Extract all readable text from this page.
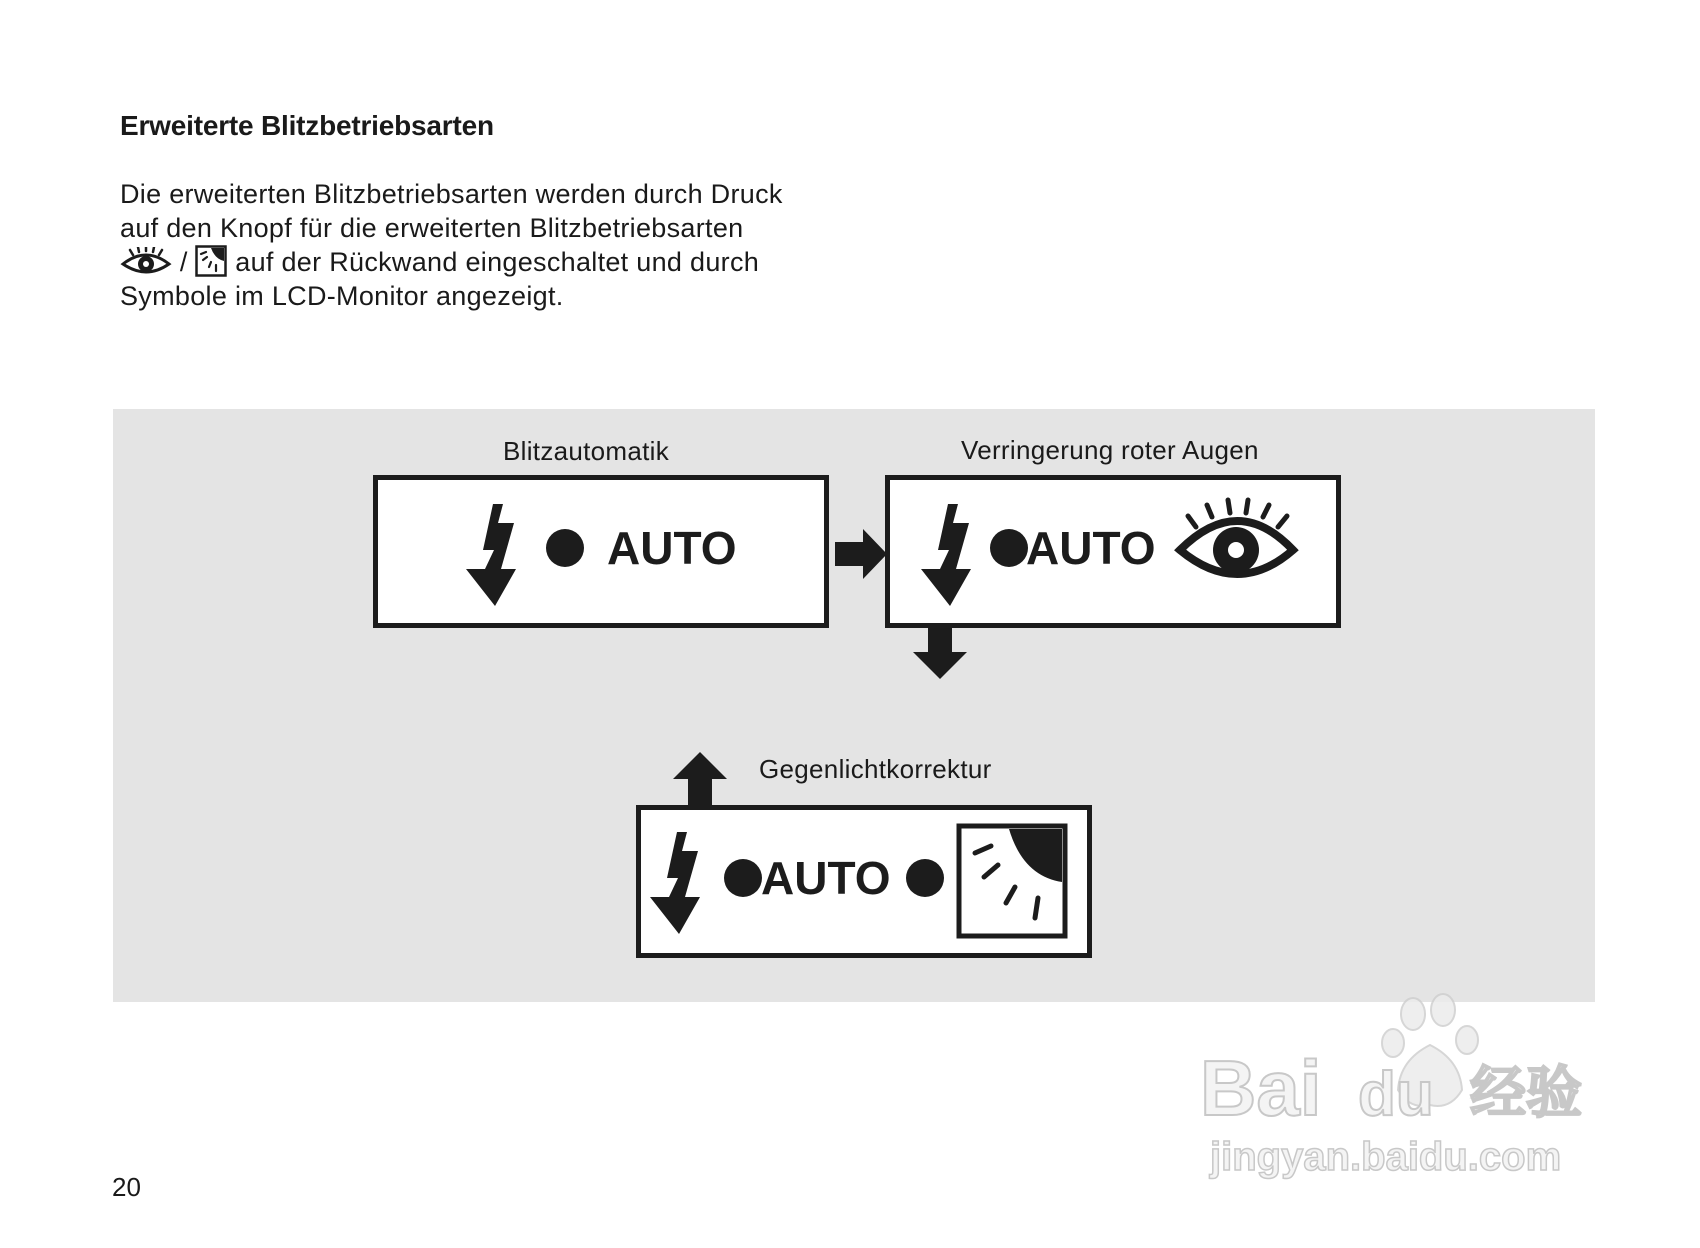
Erweiterte Blitzbetriebsarten
Die erweiterten Blitzbetriebsarten werden durch Druck
auf den Knopf für die erweiterten Blitzbetriebsarten
/ auf der Rückwand eingeschaltet und durch
Symbole im LCD-Monitor angezeigt.
Blitzautomatik
AUTO
Verringerung roter Augen
AUTO
Gegenlichtkorrektur
AUTO
20
Bai du 经验
jingyan.baidu.com
